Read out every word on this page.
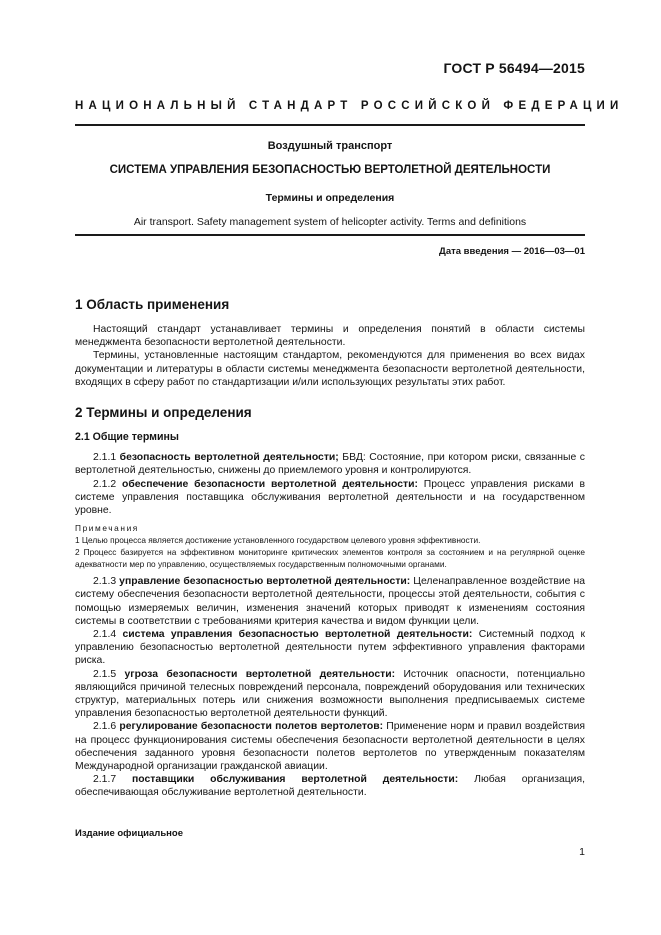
ГОСТ Р 56494—2015
НАЦИОНАЛЬНЫЙ СТАНДАРТ РОССИЙСКОЙ ФЕДЕРАЦИИ
Воздушный транспорт
СИСТЕМА УПРАВЛЕНИЯ БЕЗОПАСНОСТЬЮ ВЕРТОЛЕТНОЙ ДЕЯТЕЛЬНОСТИ
Термины и определения
Air transport. Safety management system of helicopter activity. Terms and definitions
Дата введения — 2016—03—01

1 Область применения

Настоящий стандарт устанавливает термины и определения понятий в области системы менеджмента безопасности вертолетной деятельности.

Термины, установленные настоящим стандартом, рекомендуются для применения во всех видах документации и литературы в области системы менеджмента безопасности вертолетной деятельности, входящих в сферу работ по стандартизации и/или использующих результаты этих работ.

2 Термины и определения

2.1 Общие термины

2.1.1 безопасность вертолетной деятельности; БВД: Состояние, при котором риски, связанные с вертолетной деятельностью, снижены до приемлемого уровня и контролируются.

2.1.2 обеспечение безопасности вертолетной деятельности: Процесс управления рисками в системе управления поставщика обслуживания вертолетной деятельности и на государственном уровне.

Примечания

1 Целью процесса является достижение установленного государством целевого уровня эффективности.

2 Процесс базируется на эффективном мониторинге критических элементов контроля за состоянием и на регулярной оценке адекватности мер по управлению, осуществляемых государственным полномочными органами.

2.1.3 управление безопасностью вертолетной деятельности: Целенаправленное воздействие на систему обеспечения безопасности вертолетной деятельности, процессы этой деятельности, события с помощью измеряемых величин, изменения значений которых приводят к изменениям состояния системы в соответствии с требованиями критерия качества и видом функции цели.

2.1.4 система управления безопасностью вертолетной деятельности: Системный подход к управлению безопасностью вертолетной деятельности путем эффективного управления факторами риска.

2.1.5 угроза безопасности вертолетной деятельности: Источник опасности, потенциально являющийся причиной телесных повреждений персонала, повреждений оборудования или технических структур, материальных потерь или снижения возможности выполнения предписываемых системе управления безопасностью вертолетной деятельности функций.

2.1.6 регулирование безопасности полетов вертолетов: Применение норм и правил воздействия на процесс функционирования системы обеспечения безопасности вертолетной деятельности в целях обеспечения заданного уровня безопасности полетов вертолетов по утвержденным показателям Международной организации гражданской авиации.

2.1.7 поставщики обслуживания вертолетной деятельности: Любая организация, обеспечивающая обслуживание вертолетной деятельности.

Издание официальное
1
